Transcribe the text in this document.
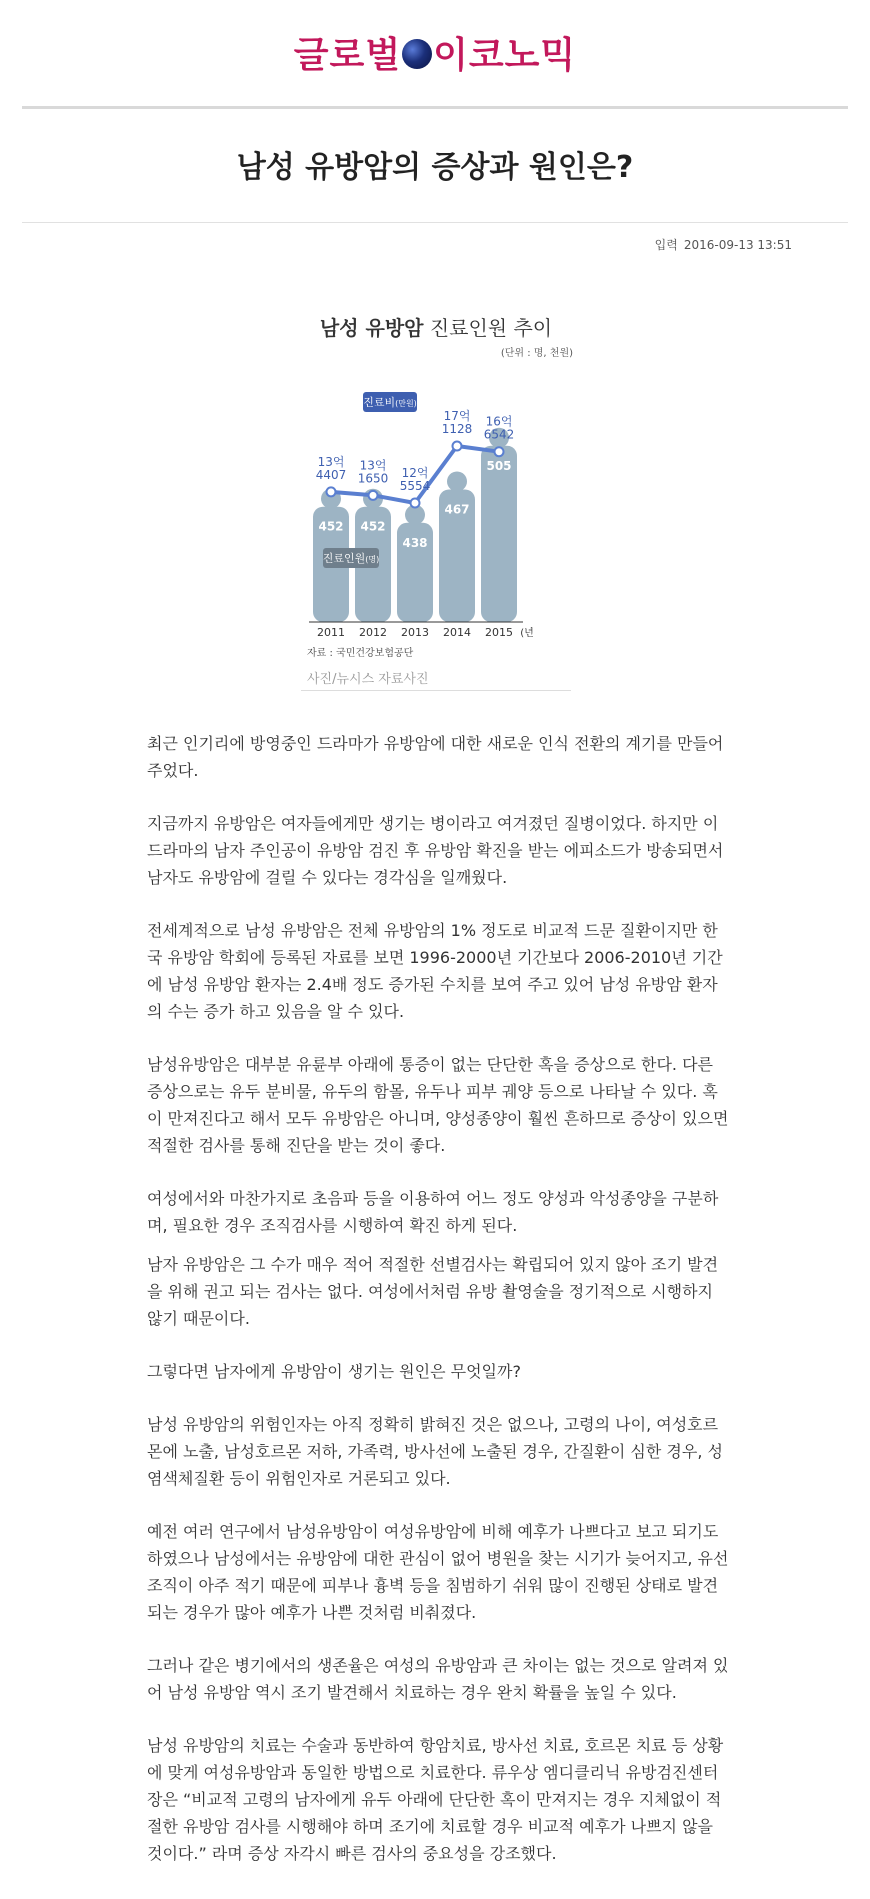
글로벌 이코노믹
남성 유방암의 증상과 원인은?
입력 2016-09-13 13:51
남성 유방암 진료인원 추이
(단위 : 명, 천원)
452 452
438
467
505
2011 2012 2013 2014 2015 (년
13억
4407
13억
1650 12억
5554
17억
1128
16억
6542
진료비(만원)
진료인원(명)
자료 : 국민건강보험공단
사진/뉴시스 자료사진

최근 인기리에 방영중인 드라마가 유방암에 대한 새로운 인식 전환의 계기를 만들어 주었다.

지금까지 유방암은 여자들에게만 생기는 병이라고 여겨졌던 질병이었다. 하지만 이 드라마의 남자 주인공이 유방암 검진 후 유방암 확진을 받는 에피소드가 방송되면서 남자도 유방암에 걸릴 수 있다는 경각심을 일깨웠다.

전세계적으로 남성 유방암은 전체 유방암의 1% 정도로 비교적 드문 질환이지만 한국 유방암 학회에 등록된 자료를 보면 1996-2000년 기간보다 2006-2010년 기간에 남성 유방암 환자는 2.4배 정도 증가된 수치를 보여 주고 있어 남성 유방암 환자의 수는 증가 하고 있음을 알 수 있다.

남성유방암은 대부분 유륜부 아래에 통증이 없는 단단한 혹을 증상으로 한다. 다른 증상으로는 유두 분비물, 유두의 함몰, 유두나 피부 궤양 등으로 나타날 수 있다. 혹이 만져진다고 해서 모두 유방암은 아니며, 양성종양이 훨씬 흔하므로 증상이 있으면 적절한 검사를 통해 진단을 받는 것이 좋다.

여성에서와 마찬가지로 초음파 등을 이용하여 어느 정도 양성과 악성종양을 구분하며, 필요한 경우 조직검사를 시행하여 확진 하게 된다.

남자 유방암은 그 수가 매우 적어 적절한 선별검사는 확립되어 있지 않아 조기 발견을 위해 권고 되는 검사는 없다. 여성에서처럼 유방 촬영술을 정기적으로 시행하지 않기 때문이다.

그렇다면 남자에게 유방암이 생기는 원인은 무엇일까?

남성 유방암의 위험인자는 아직 정확히 밝혀진 것은 없으나, 고령의 나이, 여성호르몬에 노출, 남성호르몬 저하, 가족력, 방사선에 노출된 경우, 간질환이 심한 경우, 성염색체질환 등이 위험인자로 거론되고 있다.

예전 여러 연구에서 남성유방암이 여성유방암에 비해 예후가 나쁘다고 보고 되기도 하였으나 남성에서는 유방암에 대한 관심이 없어 병원을 찾는 시기가 늦어지고, 유선조직이 아주 적기 때문에 피부나 흉벽 등을 침범하기 쉬워 많이 진행된 상태로 발견되는 경우가 많아 예후가 나쁜 것처럼 비춰졌다.

그러나 같은 병기에서의 생존율은 여성의 유방암과 큰 차이는 없는 것으로 알려져 있어 남성 유방암 역시 조기 발견해서 치료하는 경우 완치 확률을 높일 수 있다.

남성 유방암의 치료는 수술과 동반하여 항암치료, 방사선 치료, 호르몬 치료 등 상황에 맞게 여성유방암과 동일한 방법으로 치료한다. 류우상 엠디클리닉 유방검진센터장은 “비교적 고령의 남자에게 유두 아래에 단단한 혹이 만져지는 경우 지체없이 적절한 유방암 검사를 시행해야 하며 조기에 치료할 경우 비교적 예후가 나쁘지 않을 것이다.” 라며 증상 자각시 빠른 검사의 중요성을 강조했다.
